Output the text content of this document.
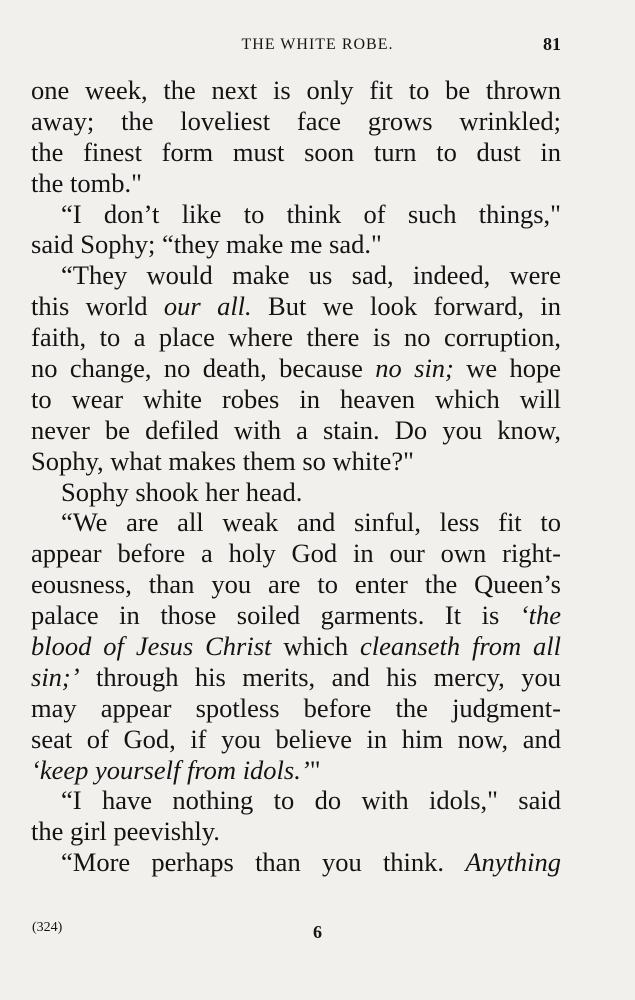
THE WHITE ROBE.	81
one week, the next is only fit to be thrown
away; the loveliest face grows wrinkled;
the finest form must soon turn to dust in
the tomb."
“I don’t like to think of such things,"
said Sophy; “they make me sad."
“They would make us sad, indeed, were
this world our all. But we look forward, in
faith, to a place where there is no corruption,
no change, no death, because no sin; we hope
to wear white robes in heaven which will
never be defiled with a stain. Do you know,
Sophy, what makes them so white?"
Sophy shook her head.
“We are all weak and sinful, less fit to
appear before a holy God in our own right-
eousness, than you are to enter the Queen’s
palace in those soiled garments. It is ‘the
blood of Jesus Christ which cleanseth from all
sin;’ through his merits, and his mercy, you
may appear spotless before the judgment-
seat of God, if you believe in him now, and
‘keep yourself from idols.’"
“I have nothing to do with idols," said
the girl peevishly.
“More perhaps than you think. Anything
(324)	6
